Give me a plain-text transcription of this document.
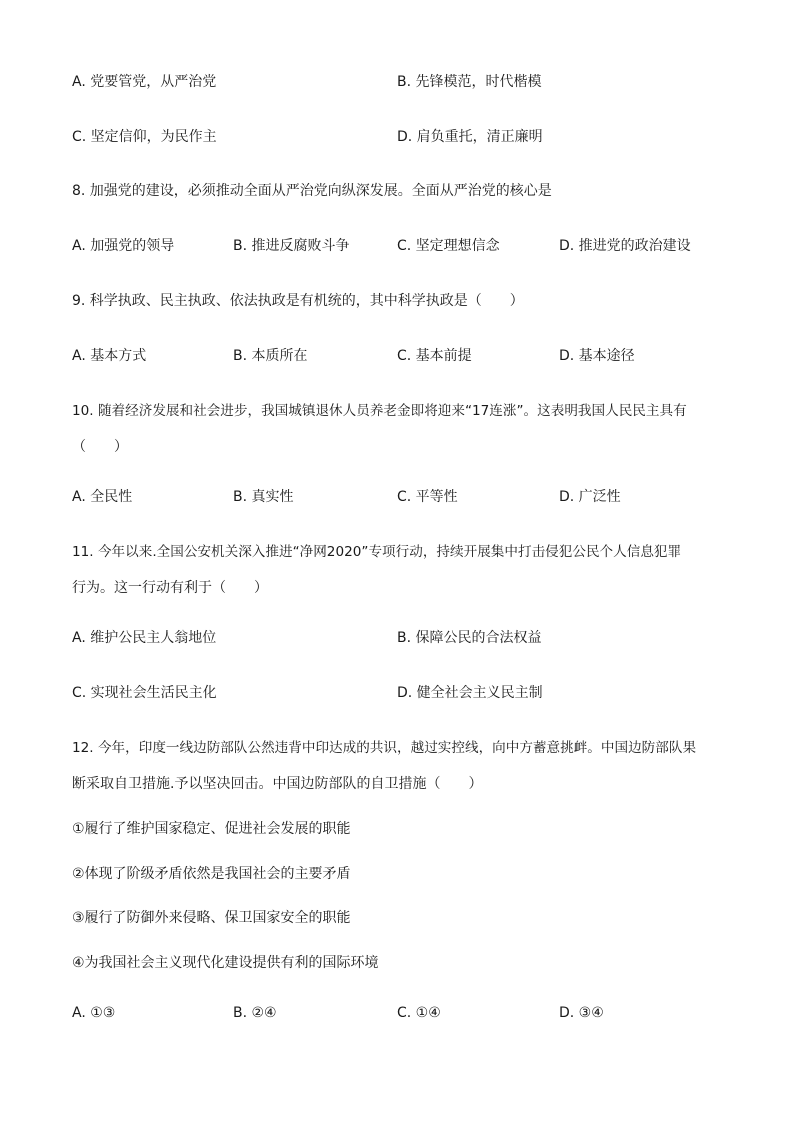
A. 党要管党，从严治党	B. 先锋模范，时代楷模
C. 坚定信仰，为民作主	D. 肩负重托，清正廉明
8. 加强党的建设，必须推动全面从严治党向纵深发展。全面从严治党的核心是
A. 加强党的领导	B. 推进反腐败斗争	C. 坚定理想信念	D. 推进党的政治建设
9. 科学执政、民主执政、依法执政是有机统的，其中科学执政是（　　）
A. 基本方式	B. 本质所在	C. 基本前提	D. 基本途径
10. 随着经济发展和社会进步，我国城镇退休人员养老金即将迎来“17连涨”。这表明我国人民民主具有
（　　）
A. 全民性	B. 真实性	C. 平等性	D. 广泛性
11. 今年以来.全国公安机关深入推进“净网2020”专项行动，持续开展集中打击侵犯公民个人信息犯罪
行为。这一行动有利于（　　）
A. 维护公民主人翁地位	B. 保障公民的合法权益
C. 实现社会生活民主化	D. 健全社会主义民主制
12. 今年，印度一线边防部队公然违背中印达成的共识，越过实控线，向中方蓄意挑衅。中国边防部队果
断采取自卫措施.予以坚决回击。中国边防部队的自卫措施（　　）
①履行了维护国家稳定、促进社会发展的职能
②体现了阶级矛盾依然是我国社会的主要矛盾
③履行了防御外来侵略、保卫国家安全的职能
④为我国社会主义现代化建设提供有利的国际环境
A. ①③	B. ②④	C. ①④	D. ③④
